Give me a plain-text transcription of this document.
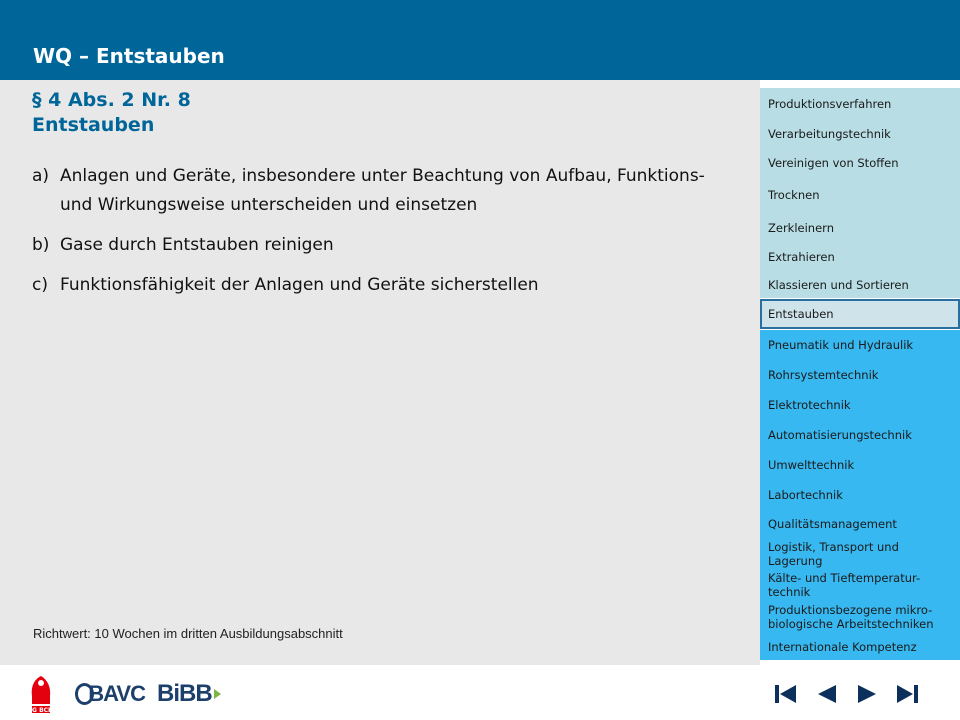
WQ – Entstauben
§ 4 Abs. 2 Nr. 8
Entstauben
a) Anlagen und Geräte, insbesondere unter Beachtung von Aufbau, Funktions- und Wirkungsweise unterscheiden und einsetzen
b) Gase durch Entstauben reinigen
c) Funktionsfähigkeit der Anlagen und Geräte sicherstellen
Richtwert: 10 Wochen im dritten Ausbildungsabschnitt
Produktionsverfahren
Verarbeitungstechnik
Vereinigen von Stoffen
Trocknen
Zerkleinern
Extrahieren
Klassieren und Sortieren
Entstauben
Pneumatik und Hydraulik
Rohrsystemtechnik
Elektrotechnik
Automatisierungstechnik
Umwelttechnik
Labortechnik
Qualitätsmanagement
Logistik, Transport und Lagerung
Kälte- und Tieftemperatur-technik
Produktionsbezogene mikro-biologische Arbeitstechniken
Internationale Kompetenz
IG BCE
BAVC BiBB
